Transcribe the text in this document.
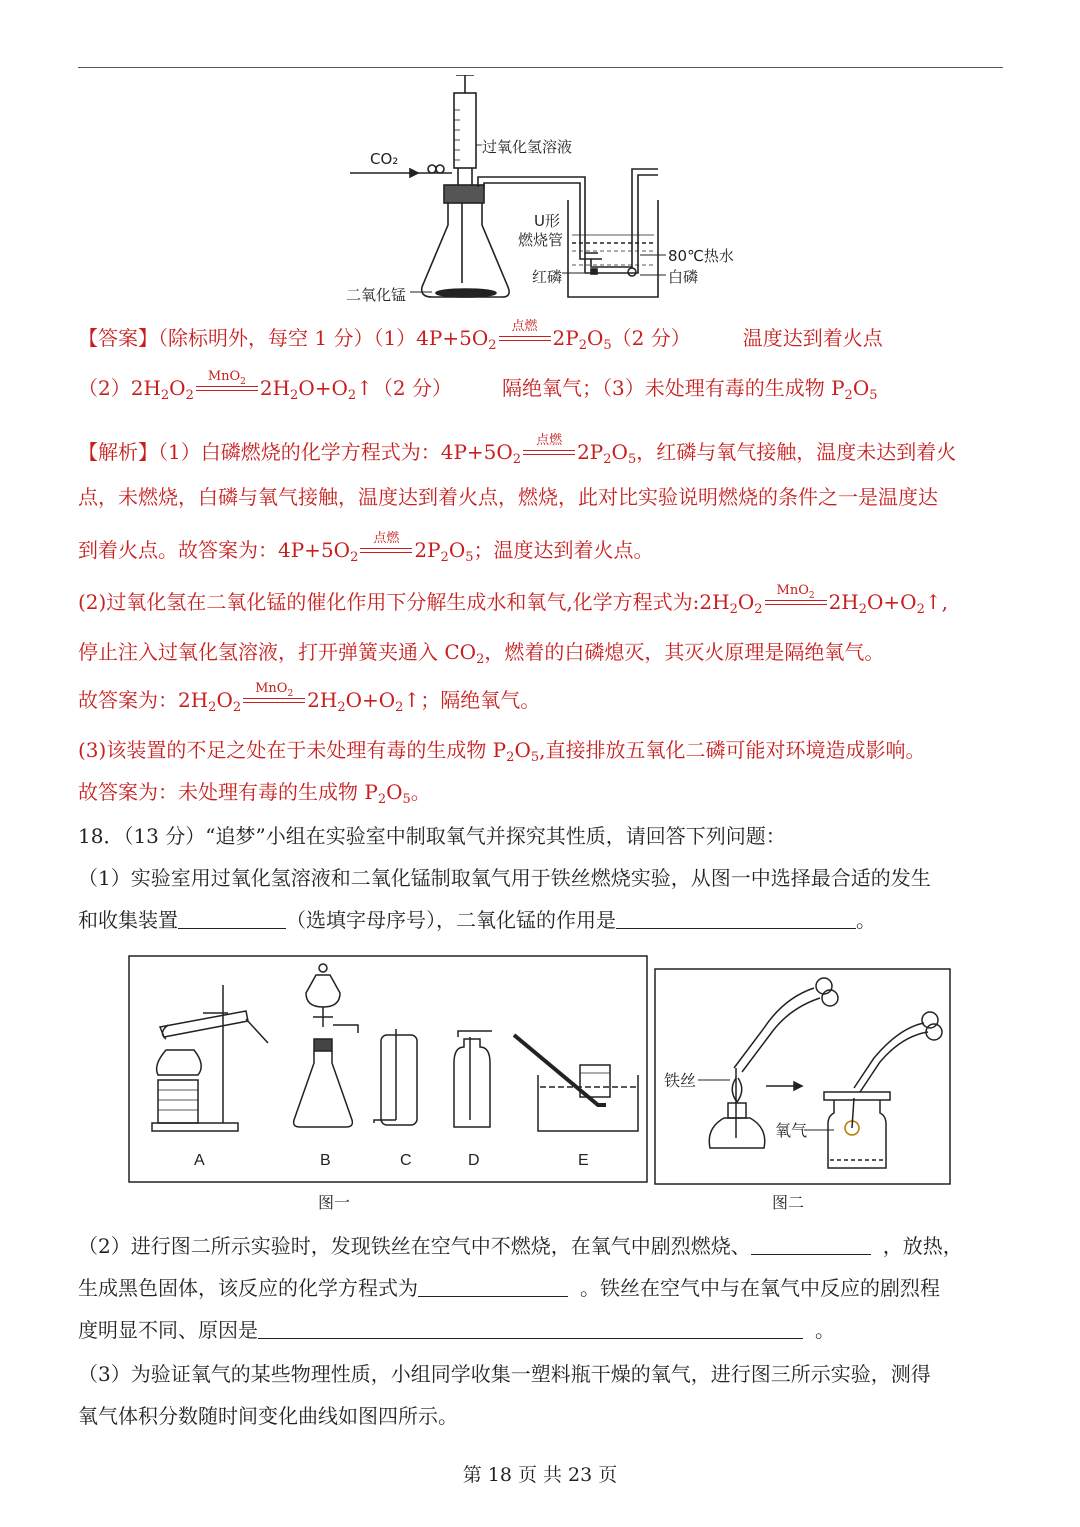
CO₂
过氧化氢溶液
U形
燃烧管
80℃热水
红磷	白磷
二氧化锰
【答案】（除标明外，每空 1 分）$(1)4P+5O_2$
点燃 $2P_2O_5(2$ 分）	温度达到着火点
$(2)2H_2O_2$
MnO$_2$ $2H_2O+O_2↑(2$ 分）	隔绝氧气；（3）未处理有毒的生成物 $P_2O_5$
【解析】（1）白磷燃烧的化学方程式为：$4P+5O_2$
点燃 $2P_2O_5$，红磷与氧气接触，温度未达到着火
点，未燃烧，白磷与氧气接触，温度达到着火点，燃烧，此对比实验说明燃烧的条件之一是温度达
到着火点。故答案为：$4P+5O_2$
点燃 $2P_2O_5$；温度达到着火点。
(2)过氧化氢在二氧化锰的催化作用下分解生成水和氧气,化学方程式为$:2H_2O_2$
MnO$_2$ $2H_2O+O_2↑$,
停止注入过氧化氢溶液，打开弹簧夹通入 $CO_2$，燃着的白磷熄灭，其灭火原理是隔绝氧气。
故答案为：$2H_2O_2$
MnO$_2$ $2H_2O+O_2↑$；隔绝氧气。
(3)该装置的不足之处在于未处理有毒的生成物 $P_2O_5$,直接排放五氧化二磷可能对环境造成影响。
故答案为：未处理有毒的生成物 $P_2O_5$。
18．（13 分）“追梦”小组在实验室中制取氧气并探究其性质，请回答下列问题：
（1）实验室用过氧化氢溶液和二氧化锰制取氧气用于铁丝燃烧实验，从图一中选择最合适的发生
和收集装置	（选填字母序号），二氧化锰的作用是	。
A	B	C	D	E
图一
铁丝
氧气
图二
（2）进行图二所示实验时，发现铁丝在空气中不燃烧，在氧气中剧烈燃烧、	，放热，
生成黑色固体，该反应的化学方程式为	。铁丝在空气中与在氧气中反应的剧烈程
度明显不同、原因是	。
（3）为验证氧气的某些物理性质，小组同学收集一塑料瓶干燥的氧气，进行图三所示实验，测得
氧气体积分数随时间变化曲线如图四所示。
第 18 页 共 23 页
